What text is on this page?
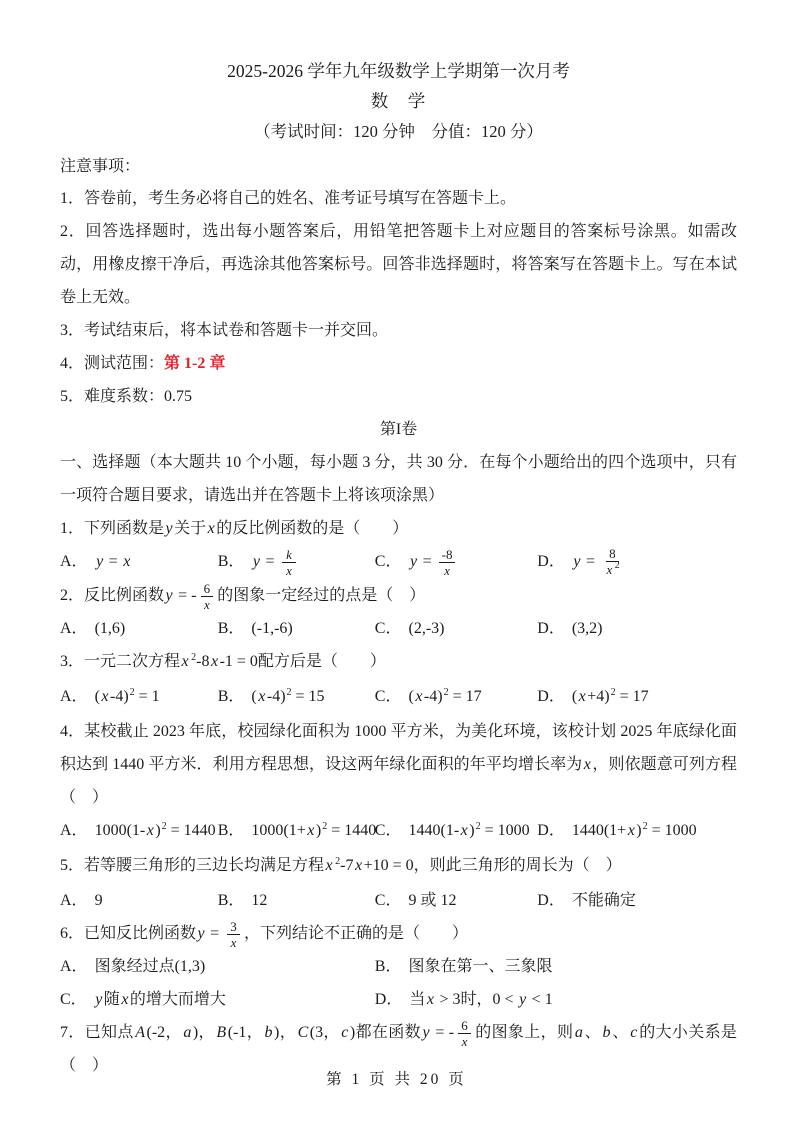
2025-2026 学年九年级数学上学期第一次月考
数　学
（考试时间：120 分钟　分值：120 分）
注意事项：
1．答卷前，考生务必将自己的姓名、准考证号填写在答题卡上。
2．回答选择题时，选出每小题答案后，用铅笔把答题卡上对应题目的答案标号涂黑。如需改动，用橡皮擦干净后，再选涂其他答案标号。回答非选择题时，将答案写在答题卡上。写在本试卷上无效。
3．考试结束后，将本试卷和答题卡一并交回。
4．测试范围：第 1-2 章
5．难度系数：0.75
第I卷
一、选择题（本大题共 10 个小题，每小题 3 分，共 30 分．在每个小题给出的四个选项中，只有一项符合题目要求，请选出并在答题卡上将该项涂黑）
1．下列函数是y关于x的反比例函数的是（　　）
A． y = x	B． $y = \frac{k}{x}$	C． $y = \frac{-8}{x}$	D． $y = \frac{8}{x ^2}$
2．反比例函数y = - $\frac{6}{x}$ 的图象一定经过的点是（　）
A． (1,6)	B． (-1,-6)	C． (2,-3)	D． (3,2)
3．一元二次方程x $^2$-8x-1 = 0配方后是（　　）
A． $(x-4)^2 = 1$	B． $(x-4)^2 = 15$	C． $(x-4)^2 = 17$	D． $(x+4)^2 = 17$
4．某校截止 2023 年底，校园绿化面积为 1000 平方米，为美化环境，该校计划 2025 年底绿化面积达到 1440 平方米．利用方程思想，设这两年绿化面积的年平均增长率为x，则依题意可列方程（　）
A． $1000(1-x)^2 = 1440$ B． $1000(1+x)^2 = 1440$
C． $1440(1-x)^2 = 1000$ D． $1440(1+x)^2 = 1000$
5．若等腰三角形的三边长均满足方程x $^2$-7x+10 = 0，则此三角形的周长为（　）
A． 9	B． 12	C． 9 或 12	D． 不能确定
6．已知反比例函数$y = \frac{3}{x}$ ，下列结论不正确的是（　　）
A． 图象经过点(1,3)	B． 图象在第一、三象限
C． y随x的增大而增大	D． 当x > 3时，0 < y < 1
7．已知点A(-2，a)，B(-1，b)，C(3，c)都在函数y = - $\frac{6}{x}$ 的图象上，则a、b、c的大小关系是（　）
第 1 页 共 20 页
